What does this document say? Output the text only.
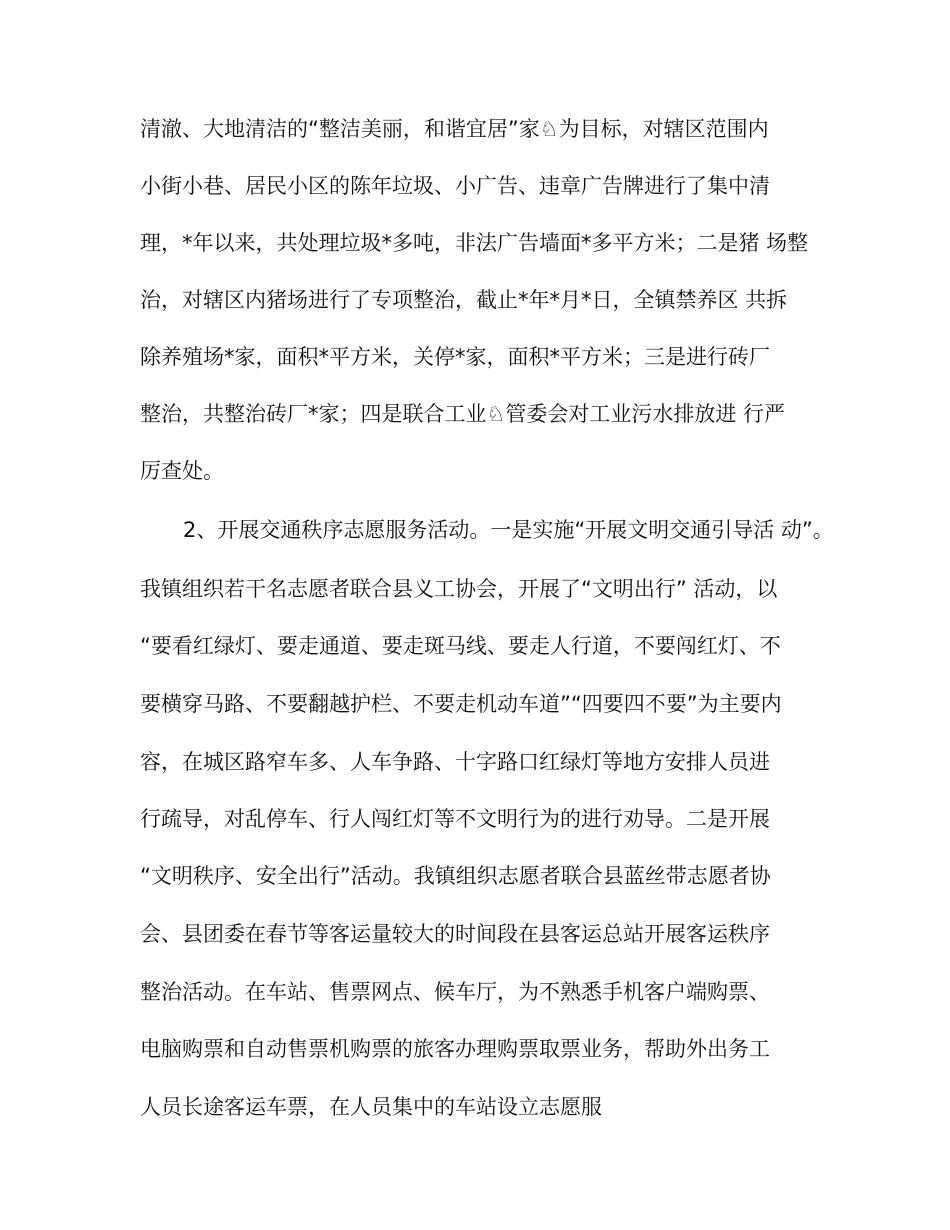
清澈、大地清洁的“整洁美丽，和谐宜居”家♘为目标，对辖区范围内

小街小巷、居民小区的陈年垃圾、小广告、违章广告牌进行了集中清

理，*年以来，共处理垃圾*多吨，非法广告墙面*多平方米；二是猪 场整

治，对辖区内猪场进行了专项整治，截止*年*月*日，全镇禁养区 共拆

除养殖场*家，面积*平方米，关停*家，面积*平方米；三是进行砖厂

整治，共整治砖厂*家；四是联合工业♘管委会对工业污水排放进 行严

厉查处。

2、开展交通秩序志愿服务活动。一是实施“开展文明交通引导活 动”。

我镇组织若干名志愿者联合县义工协会，开展了“文明出行” 活动，以

“要看红绿灯、要走通道、要走斑马线、要走人行道，不要闯红灯、不

要横穿马路、不要翻越护栏、不要走机动车道”“四要四不要”为主要内

容，在城区路窄车多、人车争路、十字路口红绿灯等地方安排人员进

行疏导，对乱停车、行人闯红灯等不文明行为的进行劝导。二是开展

“文明秩序、安全出行”活动。我镇组织志愿者联合县蓝丝带志愿者协

会、县团委在春节等客运量较大的时间段在县客运总站开展客运秩序

整治活动。在车站、售票网点、候车厅，为不熟悉手机客户端购票、

电脑购票和自动售票机购票的旅客办理购票取票业务，帮助外出务工

人员长途客运车票，在人员集中的车站设立志愿服
